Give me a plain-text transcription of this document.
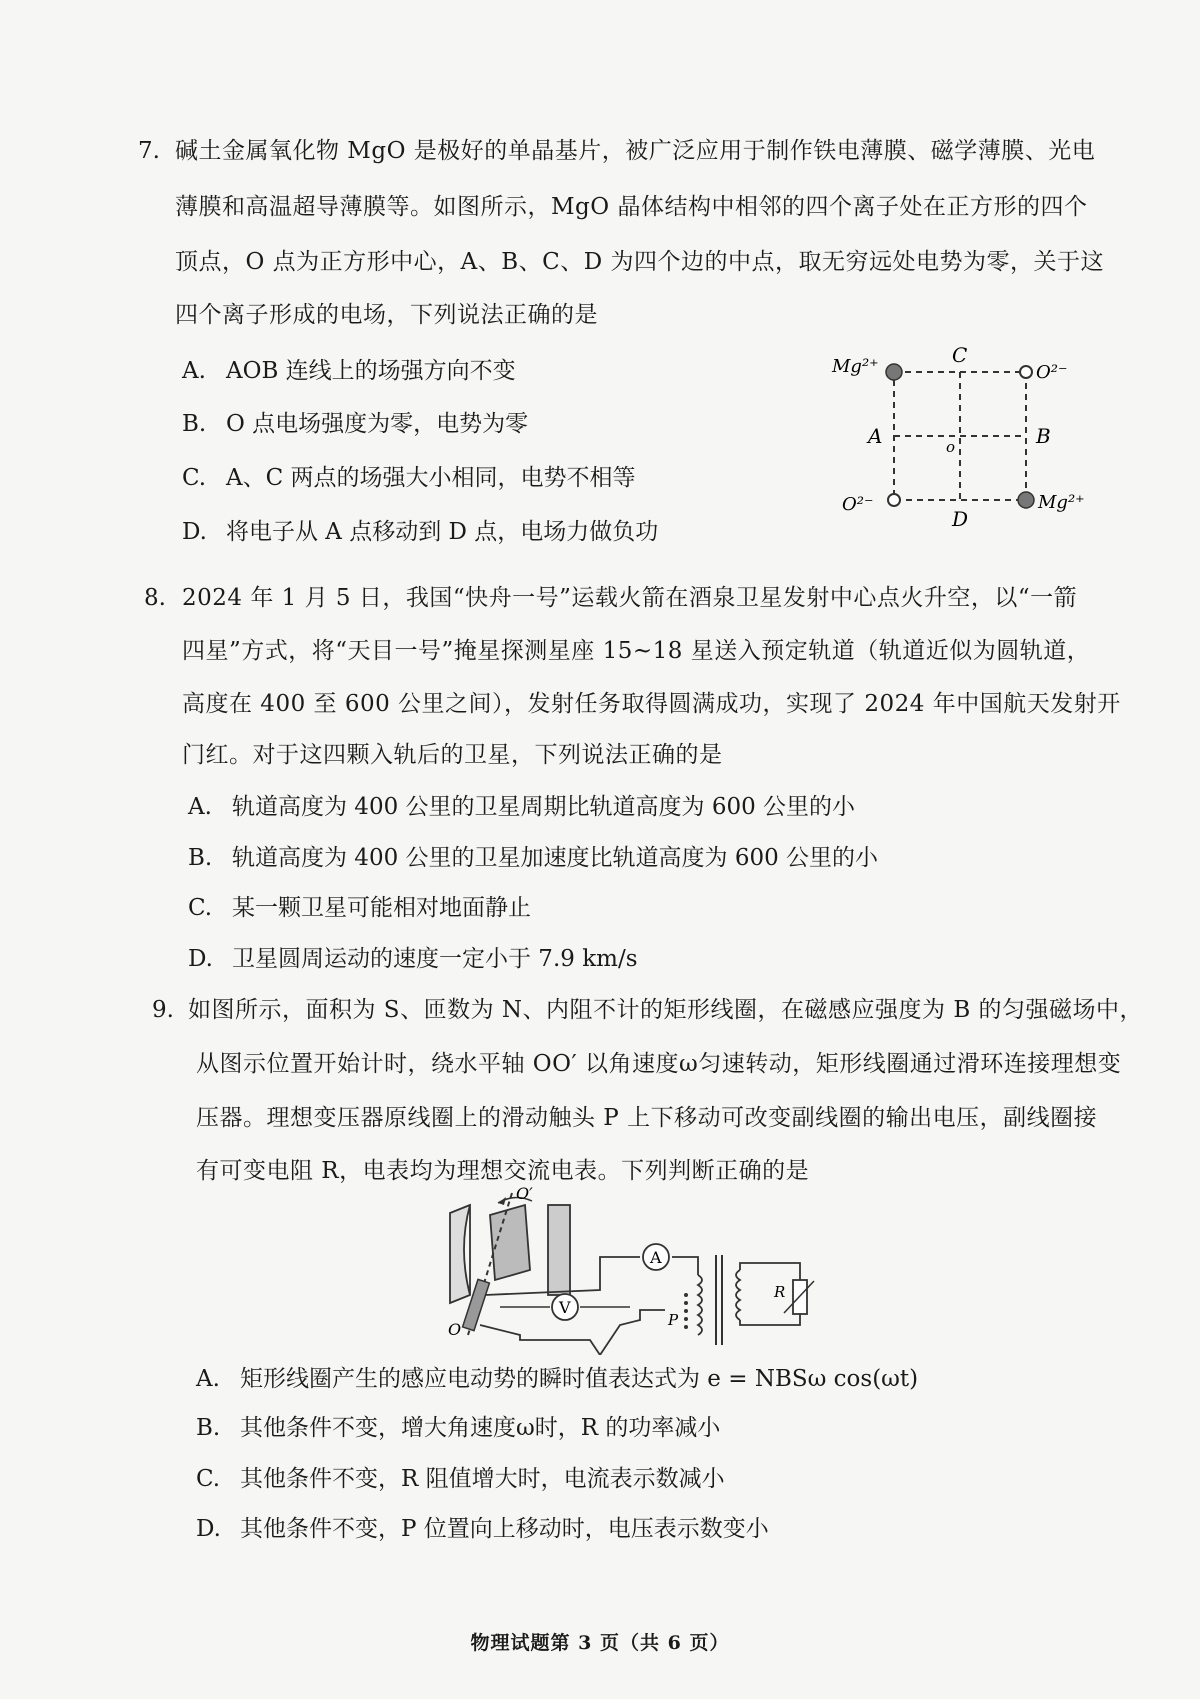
7. 碱土金属氧化物 MgO 是极好的单晶基片，被广泛应用于制作铁电薄膜、磁学薄膜、光电
薄膜和高温超导薄膜等。如图所示，MgO 晶体结构中相邻的四个离子处在正方形的四个
顶点，O 点为正方形中心，A、B、C、D 为四个边的中点，取无穷远处电势为零，关于这
四个离子形成的电场，下列说法正确的是
A. AOB 连线上的场强方向不变
B. O 点电场强度为零，电势为零
C. A、C 两点的场强大小相同，电势不相等
D. 将电子从 A 点移动到 D 点，电场力做负功
Mg²⁺	O²⁻
O²⁻	Mg²⁺
C
A	B
D
o
8. 2024 年 1 月 5 日，我国“快舟一号”运载火箭在酒泉卫星发射中心点火升空，以“一箭
四星”方式，将“天目一号”掩星探测星座 15~18 星送入预定轨道（轨道近似为圆轨道，
高度在 400 至 600 公里之间），发射任务取得圆满成功，实现了 2024 年中国航天发射开
门红。对于这四颗入轨后的卫星，下列说法正确的是
A. 轨道高度为 400 公里的卫星周期比轨道高度为 600 公里的小
B. 轨道高度为 400 公里的卫星加速度比轨道高度为 600 公里的小
C. 某一颗卫星可能相对地面静止
D. 卫星圆周运动的速度一定小于 7.9 km/s
9. 如图所示，面积为 S、匝数为 N、内阻不计的矩形线圈，在磁感应强度为 B 的匀强磁场中，
从图示位置开始计时，绕水平轴 OO′ 以角速度ω匀速转动，矩形线圈通过滑环连接理想变
压器。理想变压器原线圈上的滑动触头 P 上下移动可改变副线圈的输出电压，副线圈接
有可变电阻 R，电表均为理想交流电表。下列判断正确的是
A
V
P
R
O′
O
A. 矩形线圈产生的感应电动势的瞬时值表达式为 e = NBSω cos(ωt)
B. 其他条件不变，增大角速度ω时，R 的功率减小
C. 其他条件不变，R 阻值增大时，电流表示数减小
D. 其他条件不变，P 位置向上移动时，电压表示数变小
物理试题第 3 页（共 6 页）
